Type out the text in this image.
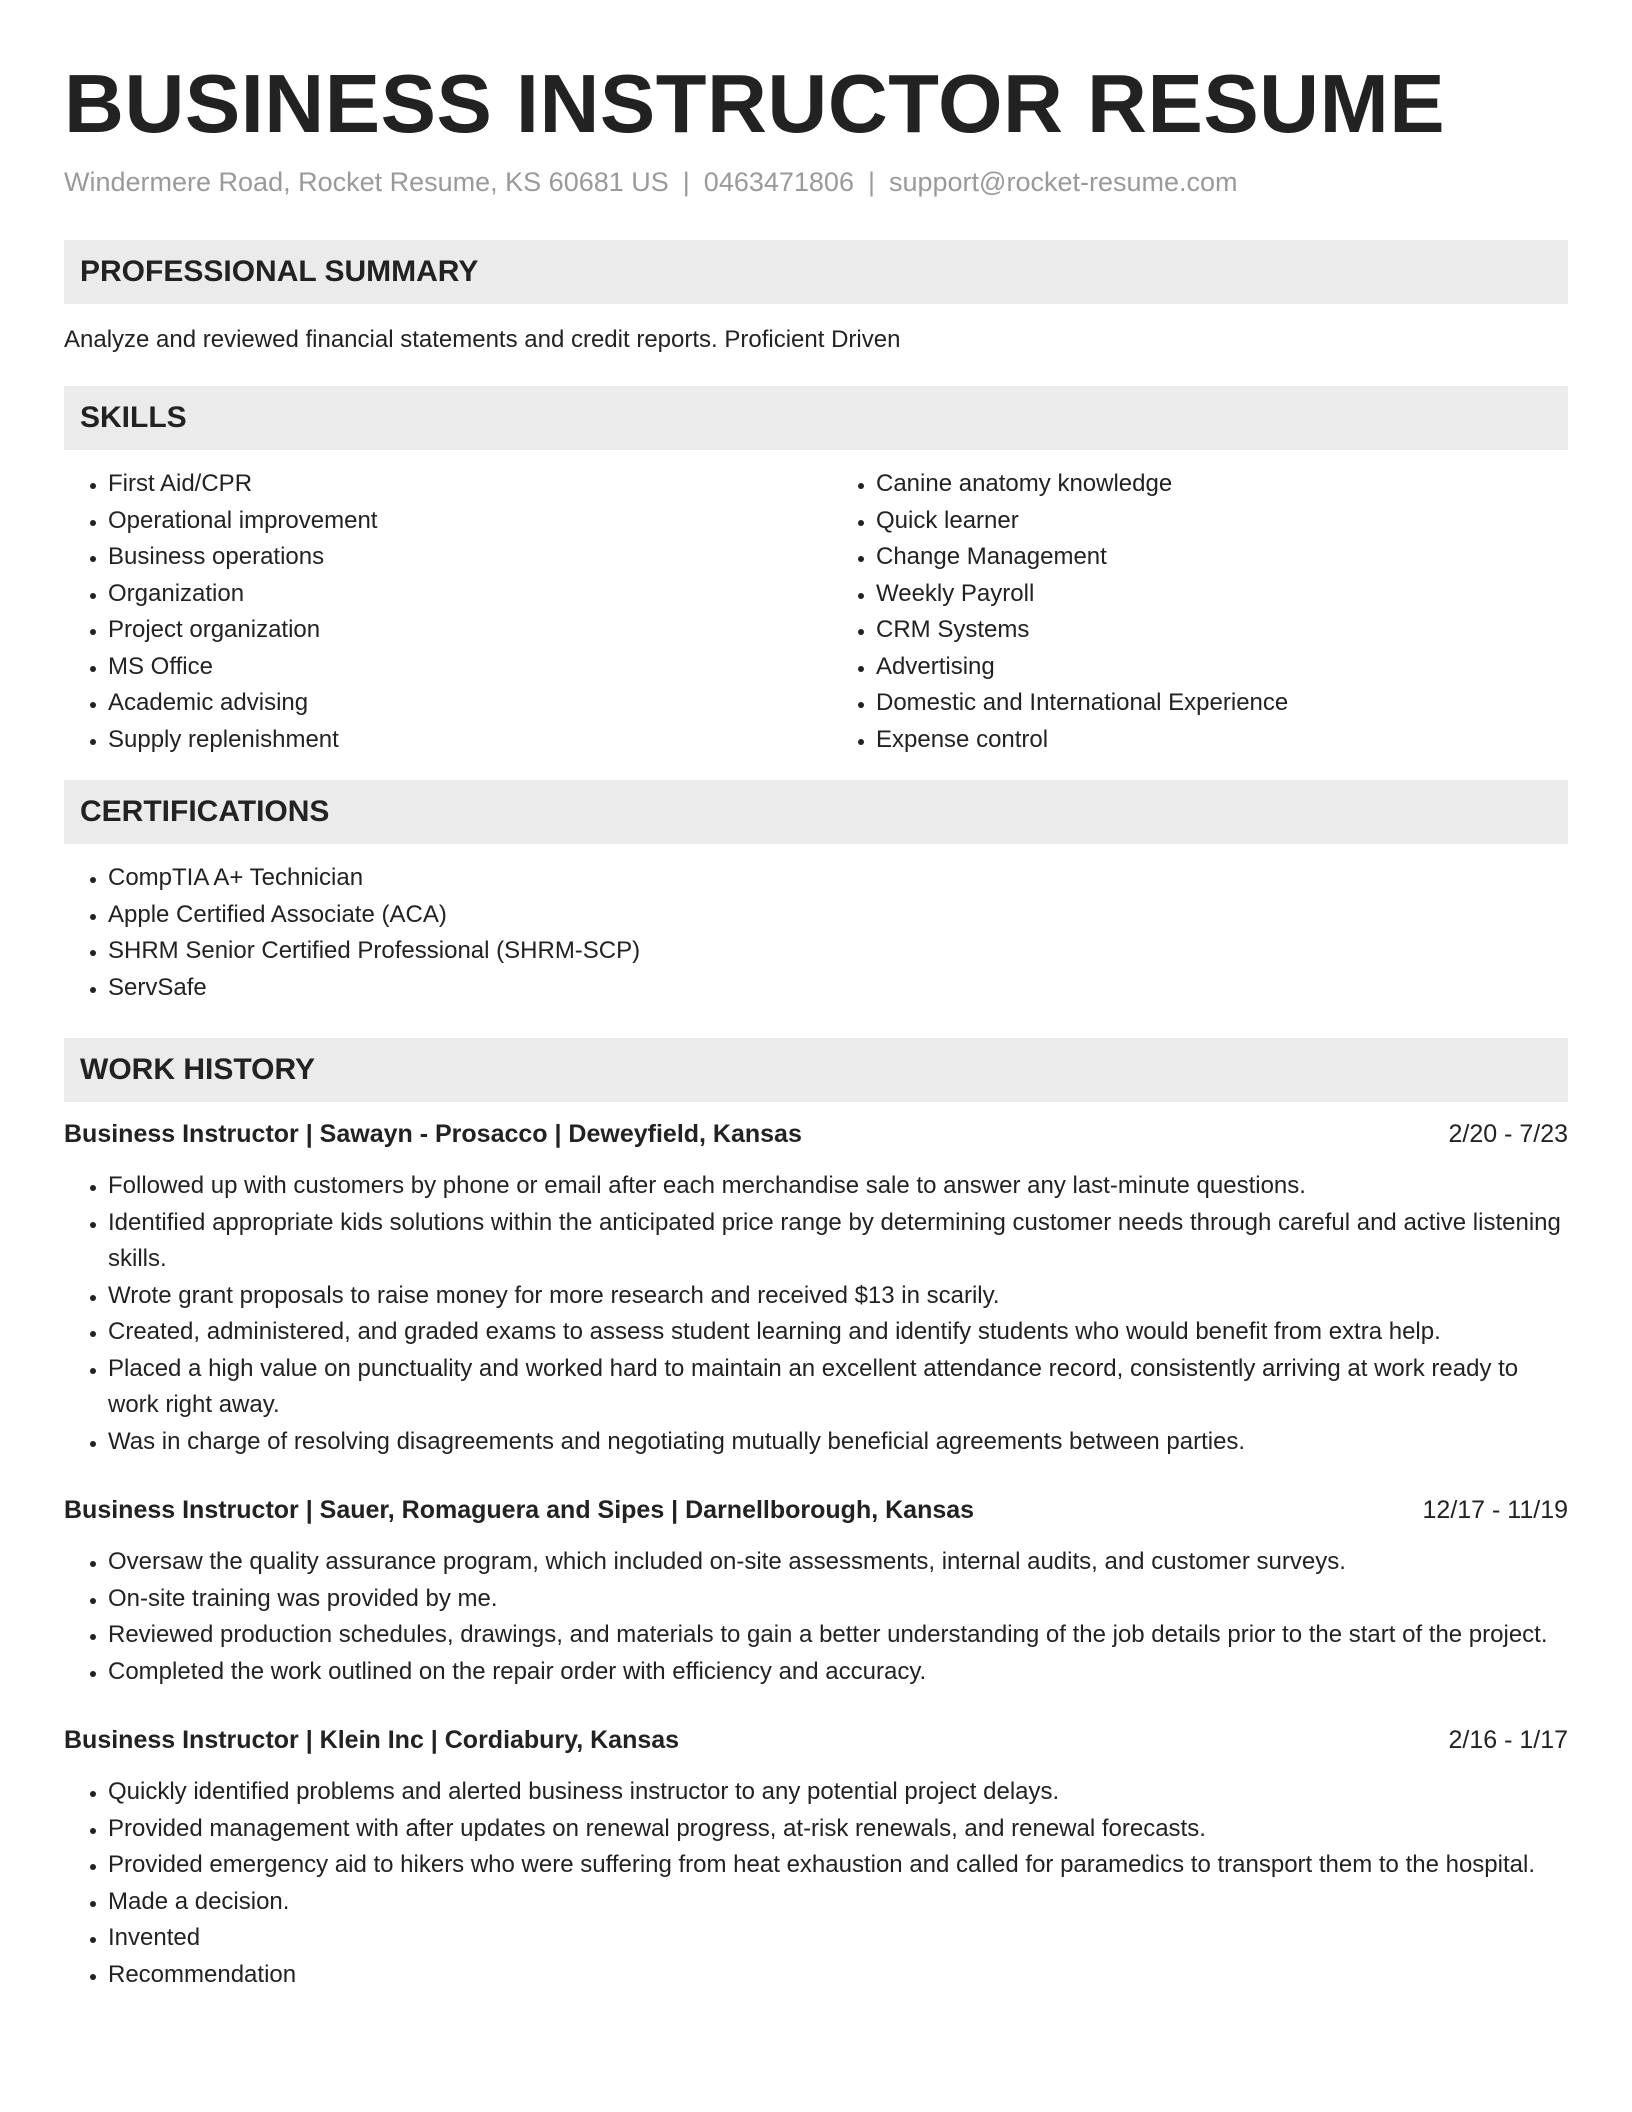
BUSINESS INSTRUCTOR RESUME
Windermere Road, Rocket Resume, KS 60681 US | 0463471806 | support@rocket-resume.com
PROFESSIONAL SUMMARY
Analyze and reviewed financial statements and credit reports. Proficient Driven
SKILLS
• First Aid/CPR
• Operational improvement
• Business operations
• Organization
• Project organization
• MS Office
• Academic advising
• Supply replenishment
• Canine anatomy knowledge
• Quick learner
• Change Management
• Weekly Payroll
• CRM Systems
• Advertising
• Domestic and International Experience
• Expense control
CERTIFICATIONS
• CompTIA A+ Technician
• Apple Certified Associate (ACA)
• SHRM Senior Certified Professional (SHRM-SCP)
• ServSafe
WORK HISTORY
Business Instructor | Sawayn - Prosacco | Deweyfield, Kansas	2/20 - 7/23
• Followed up with customers by phone or email after each merchandise sale to answer any last-minute questions.
• Identified appropriate kids solutions within the anticipated price range by determining customer needs through careful and active listening skills.
• Wrote grant proposals to raise money for more research and received $13 in scarily.
• Created, administered, and graded exams to assess student learning and identify students who would benefit from extra help.
• Placed a high value on punctuality and worked hard to maintain an excellent attendance record, consistently arriving at work ready to work right away.
• Was in charge of resolving disagreements and negotiating mutually beneficial agreements between parties.
Business Instructor | Sauer, Romaguera and Sipes | Darnellborough, Kansas	12/17 - 11/19
• Oversaw the quality assurance program, which included on-site assessments, internal audits, and customer surveys.
• On-site training was provided by me.
• Reviewed production schedules, drawings, and materials to gain a better understanding of the job details prior to the start of the project.
• Completed the work outlined on the repair order with efficiency and accuracy.
Business Instructor | Klein Inc | Cordiabury, Kansas	2/16 - 1/17
• Quickly identified problems and alerted business instructor to any potential project delays.
• Provided management with after updates on renewal progress, at-risk renewals, and renewal forecasts.
• Provided emergency aid to hikers who were suffering from heat exhaustion and called for paramedics to transport them to the hospital.
• Made a decision.
• Invented
• Recommendation
